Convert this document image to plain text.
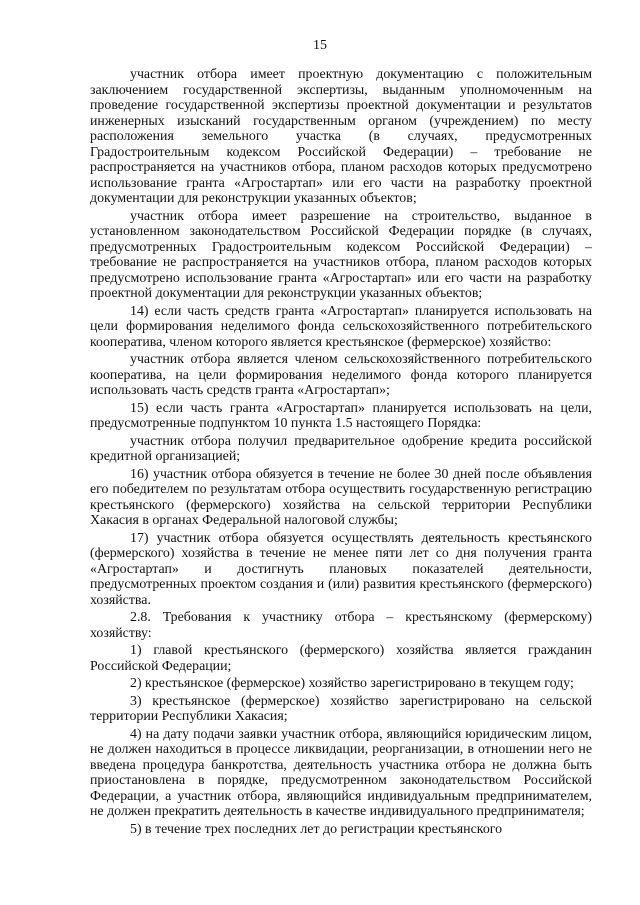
15

участник отбора имеет проектную документацию с положительным заключением государственной экспертизы, выданным уполномоченным на проведение государственной экспертизы проектной документации и результатов инженерных изысканий государственным органом (учреждением) по месту расположения земельного участка (в случаях, предусмотренных Градостроительным кодексом Российской Федерации) – требование не распространяется на участников отбора, планом расходов которых предусмотрено использование гранта «Агростартап» или его части на разработку проектной документации для реконструкции указанных объектов;

участник отбора имеет разрешение на строительство, выданное в установленном законодательством Российской Федерации порядке (в случаях, предусмотренных Градостроительным кодексом Российской Федерации) – требование не распространяется на участников отбора, планом расходов которых предусмотрено использование гранта «Агростартап» или его части на разработку проектной документации для реконструкции указанных объектов;

14) если часть средств гранта «Агростартап» планируется использовать на цели формирования неделимого фонда сельскохозяйственного потребительского кооператива, членом которого является крестьянское (фермерское) хозяйство:

участник отбора является членом сельскохозяйственного потребительского кооператива, на цели формирования неделимого фонда которого планируется использовать часть средств гранта «Агростартап»;

15) если часть гранта «Агростартап» планируется использовать на цели, предусмотренные подпунктом 10 пункта 1.5 настоящего Порядка:

участник отбора получил предварительное одобрение кредита российской кредитной организацией;

16) участник отбора обязуется в течение не более 30 дней после объявления его победителем по результатам отбора осуществить государственную регистрацию крестьянского (фермерского) хозяйства на сельской территории Республики Хакасия в органах Федеральной налоговой службы;

17) участник отбора обязуется осуществлять деятельность крестьянского (фермерского) хозяйства в течение не менее пяти лет со дня получения гранта «Агростартап» и достигнуть плановых показателей деятельности, предусмотренных проектом создания и (или) развития крестьянского (фермерского) хозяйства.

2.8. Требования к участнику отбора – крестьянскому (фермерскому) хозяйству:

1) главой крестьянского (фермерского) хозяйства является гражданин Российской Федерации;

2) крестьянское (фермерское) хозяйство зарегистрировано в текущем году;

3) крестьянское (фермерское) хозяйство зарегистрировано на сельской территории Республики Хакасия;

4) на дату подачи заявки участник отбора, являющийся юридическим лицом, не должен находиться в процессе ликвидации, реорганизации, в отношении него не введена процедура банкротства, деятельность участника отбора не должна быть приостановлена в порядке, предусмотренном законодательством Российской Федерации, а участник отбора, являющийся индивидуальным предпринимателем, не должен прекратить деятельность в качестве индивидуального предпринимателя;

5) в течение трех последних лет до регистрации крестьянского
